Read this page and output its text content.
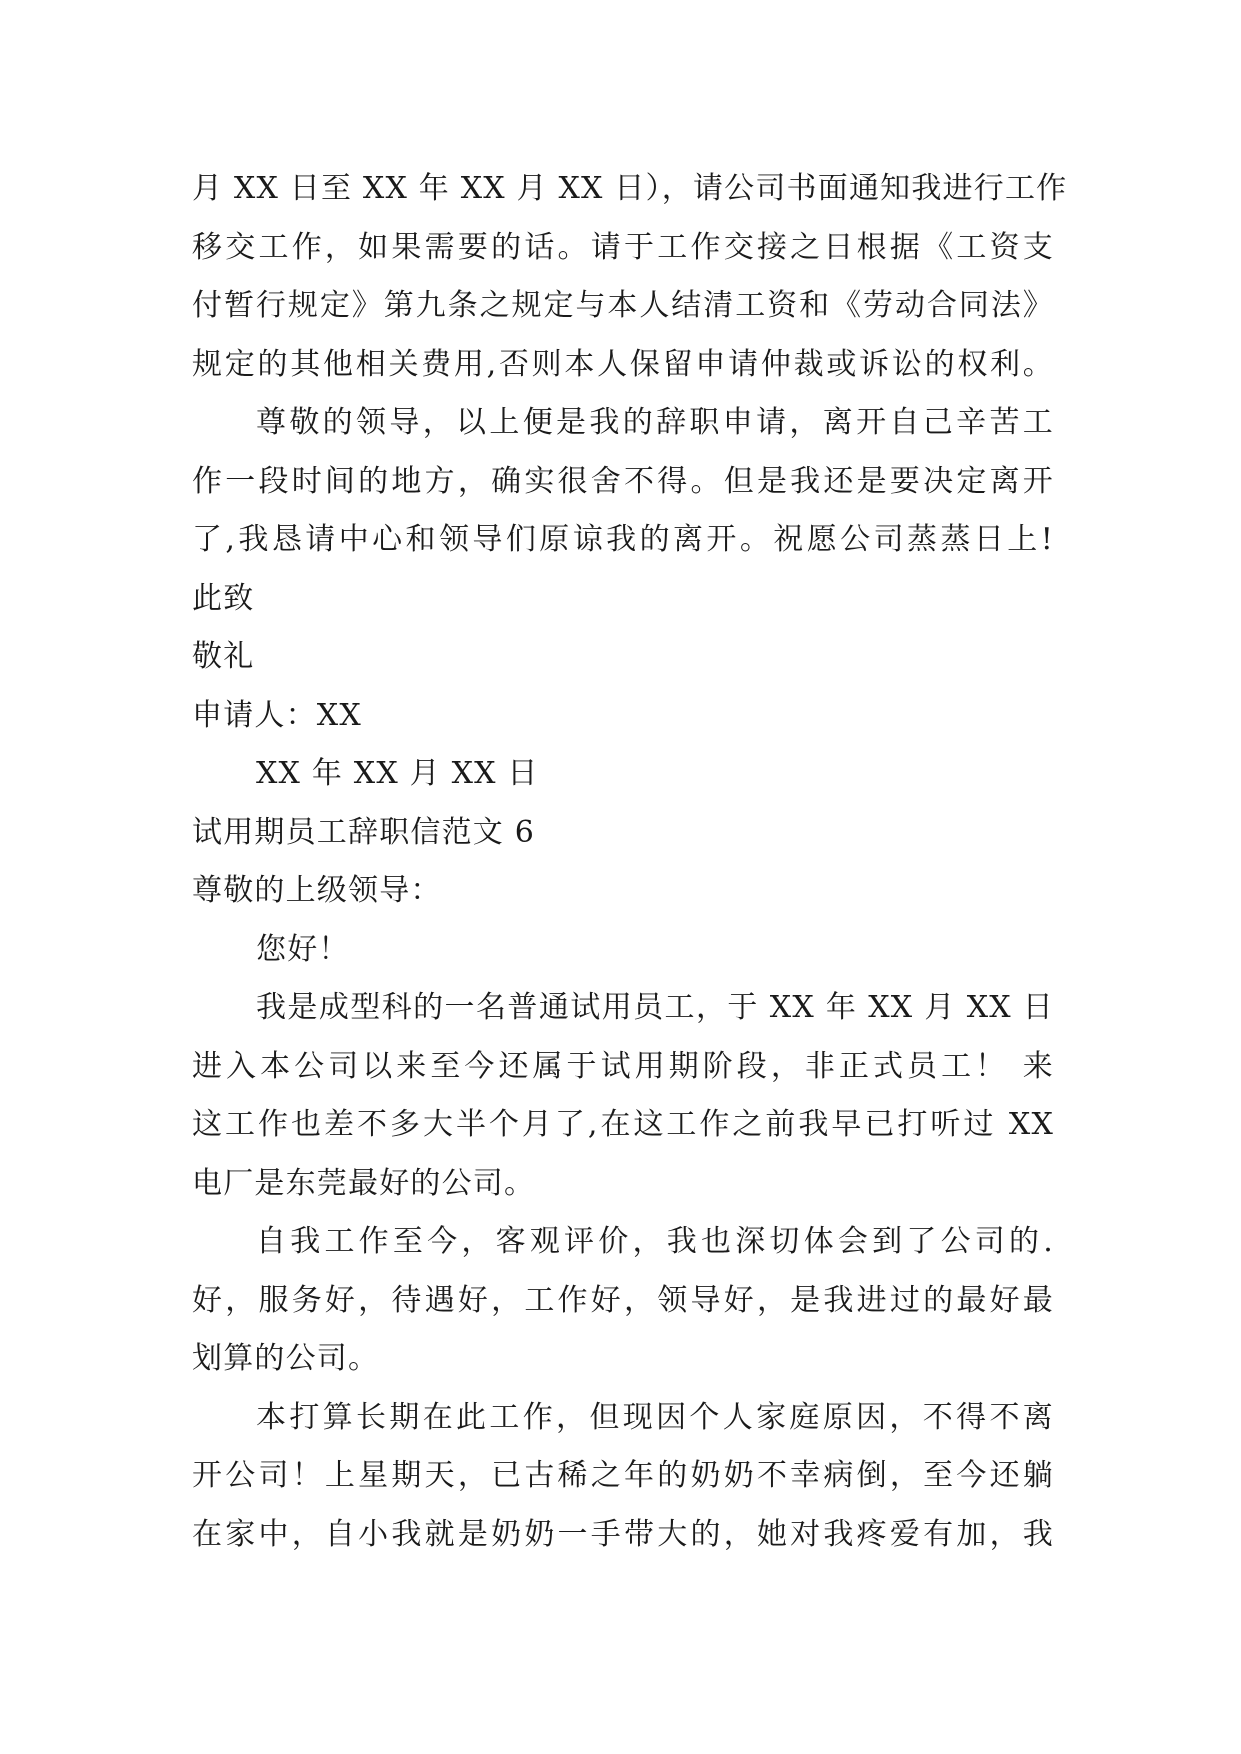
月 XX 日至 XX 年 XX 月 XX 日），请公司书面通知我进行工作
移交工作，如果需要的话。请于工作交接之日根据《工资支
付暂行规定》第九条之规定与本人结清工资和《劳动合同法》
规定的其他相关费用,否则本人保留申请仲裁或诉讼的权利。
尊敬的领导，以上便是我的辞职申请，离开自己辛苦工
作一段时间的地方，确实很舍不得。但是我还是要决定离开
了,我恳请中心和领导们原谅我的离开。祝愿公司蒸蒸日上!
此致
敬礼
申请人：XX
XX 年 XX 月 XX 日
试用期员工辞职信范文 6
尊敬的上级领导：
您好！
我是成型科的一名普通试用员工，于 XX 年 XX 月 XX 日
进入本公司以来至今还属于试用期阶段，非正式员工！ 来
这工作也差不多大半个月了,在这工作之前我早已打听过 XX
电厂是东莞最好的公司。
自我工作至今，客观评价，我也深切体会到了公司的.
好，服务好，待遇好，工作好，领导好，是我进过的最好最
划算的公司。
本打算长期在此工作，但现因个人家庭原因，不得不离
开公司！上星期天，已古稀之年的奶奶不幸病倒，至今还躺
在家中，自小我就是奶奶一手带大的，她对我疼爱有加，我
